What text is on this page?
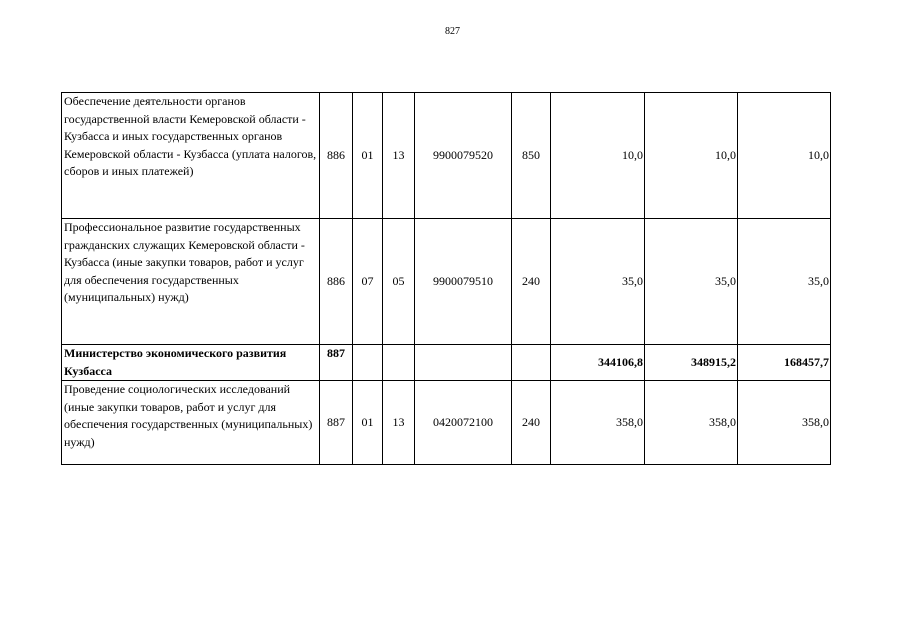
827
Обеспечение деятельности органов государственной власти Кемеровской области - Кузбасса и иных государственных органов Кемеровской области - Кузбасса (уплата налогов, сборов и иных платежей)	886	01	13	9900079520	850	10,0	10,0	10,0
Профессиональное развитие государственных гражданских служащих Кемеровской области - Кузбасса (иные закупки товаров, работ и услуг для обеспечения государственных (муниципальных) нужд)	886	07	05	9900079510	240	35,0	35,0	35,0
Министерство экономического развития Кузбасса	887					344106,8	348915,2	168457,7
Проведение социологических исследований (иные закупки товаров, работ и услуг для обеспечения государственных (муниципальных) нужд)	887	01	13	0420072100	240	358,0	358,0	358,0
